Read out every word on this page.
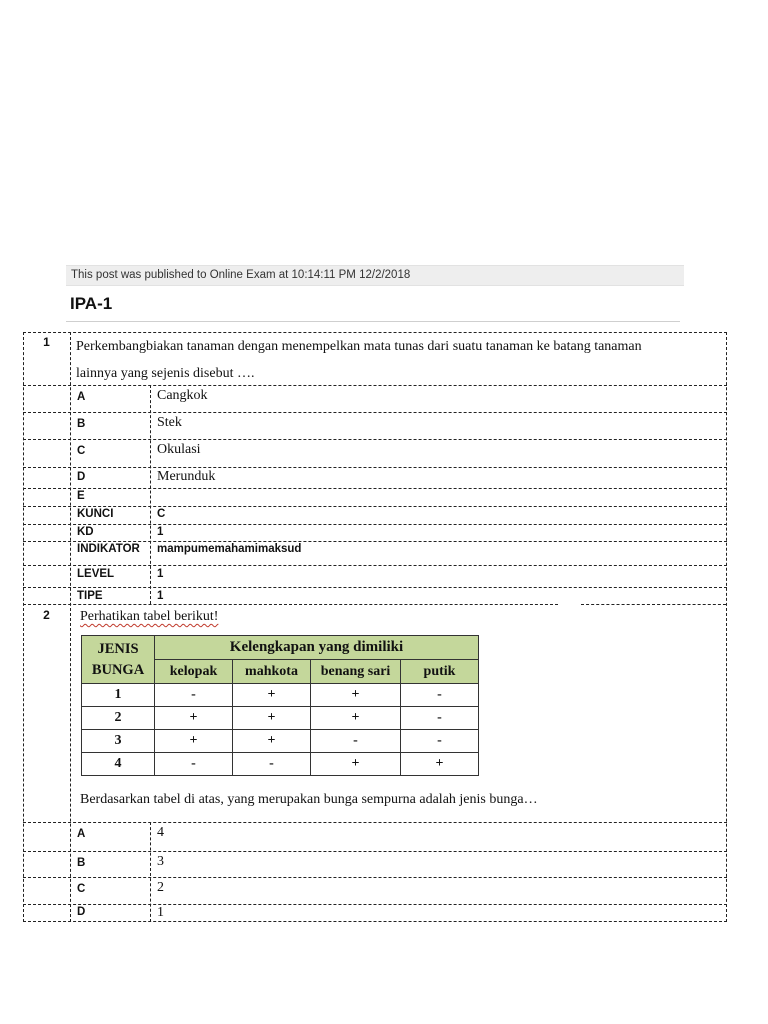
This post was published to Online Exam at 10:14:11 PM 12/2/2018
IPA-1
1	Perkembangbiakan tanaman dengan menempelkan mata tunas dari suatu tanaman ke batang tanaman
lainnya yang sejenis disebut ….
A	Cangkok
B	Stek
C	Okulasi
D	Merunduk
E
KUNCI	C
KD	1
INDIKATOR mampumemahamimaksud
LEVEL	1
TIPE	1
2	Perhatikan tabel berikut!
JENIS
BUNGA	Kelengkapan yang dimiliki			
	kelopak	mahkota	benang sari	putik
1	-	+	+	-
2	+	+	+	-
3	+	+	-	-
4	-	-	+	+
Berdasarkan tabel di atas, yang merupakan bunga sempurna adalah jenis bunga…
A	4
B	3
C	2
D	1
